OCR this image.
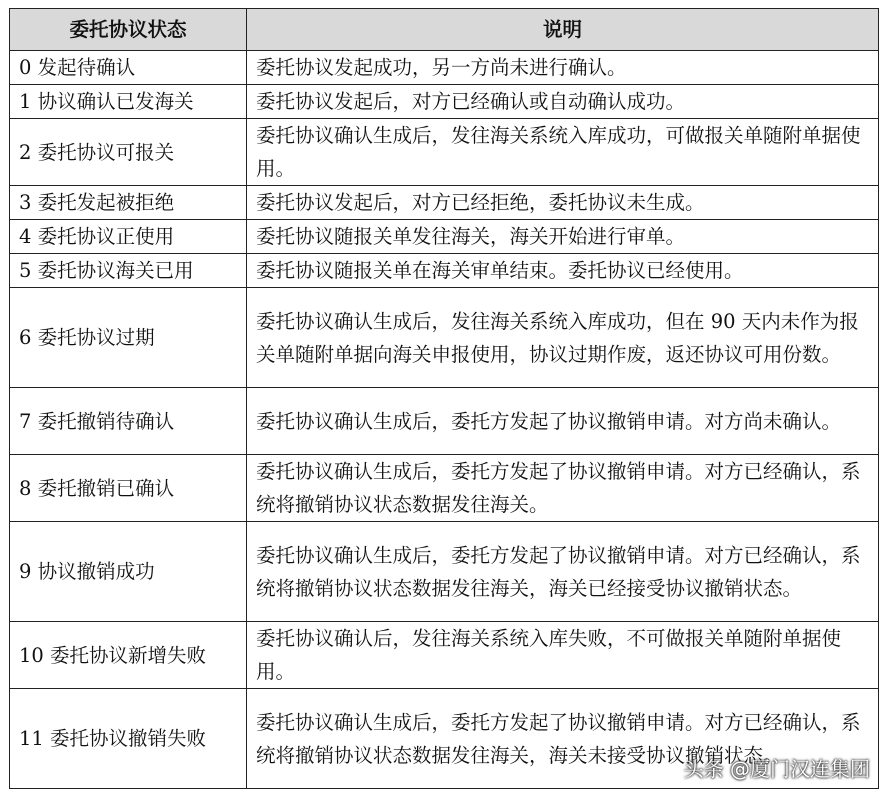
委托协议状态	说明
0 发起待确认	委托协议发起成功，另一方尚未进行确认。
1 协议确认已发海关	委托协议发起后，对方已经确认或自动确认成功。
2 委托协议可报关	委托协议确认生成后，发往海关系统入库成功，可做报关单随附单据使用。
3 委托发起被拒绝	委托协议发起后，对方已经拒绝，委托协议未生成。
4 委托协议正使用	委托协议随报关单发往海关，海关开始进行审单。
5 委托协议海关已用	委托协议随报关单在海关审单结束。委托协议已经使用。
6 委托协议过期	委托协议确认生成后，发往海关系统入库成功，但在 90 天内未作为报关单随附单据向海关申报使用，协议过期作废，返还协议可用份数。
7 委托撤销待确认	委托协议确认生成后，委托方发起了协议撤销申请。对方尚未确认。
8 委托撤销已确认	委托协议确认生成后，委托方发起了协议撤销申请。对方已经确认，系统将撤销协议状态数据发往海关。
9 协议撤销成功	委托协议确认生成后，委托方发起了协议撤销申请。对方已经确认，系统将撤销协议状态数据发往海关，海关已经接受协议撤销状态。
10 委托协议新增失败	委托协议确认后，发往海关系统入库失败，不可做报关单随附单据使用。
11 委托协议撤销失败	委托协议确认生成后，委托方发起了协议撤销申请。对方已经确认，系统将撤销协议状态数据发往海关，海关未接受协议撤销状态。
头条 @厦门汉连集团
